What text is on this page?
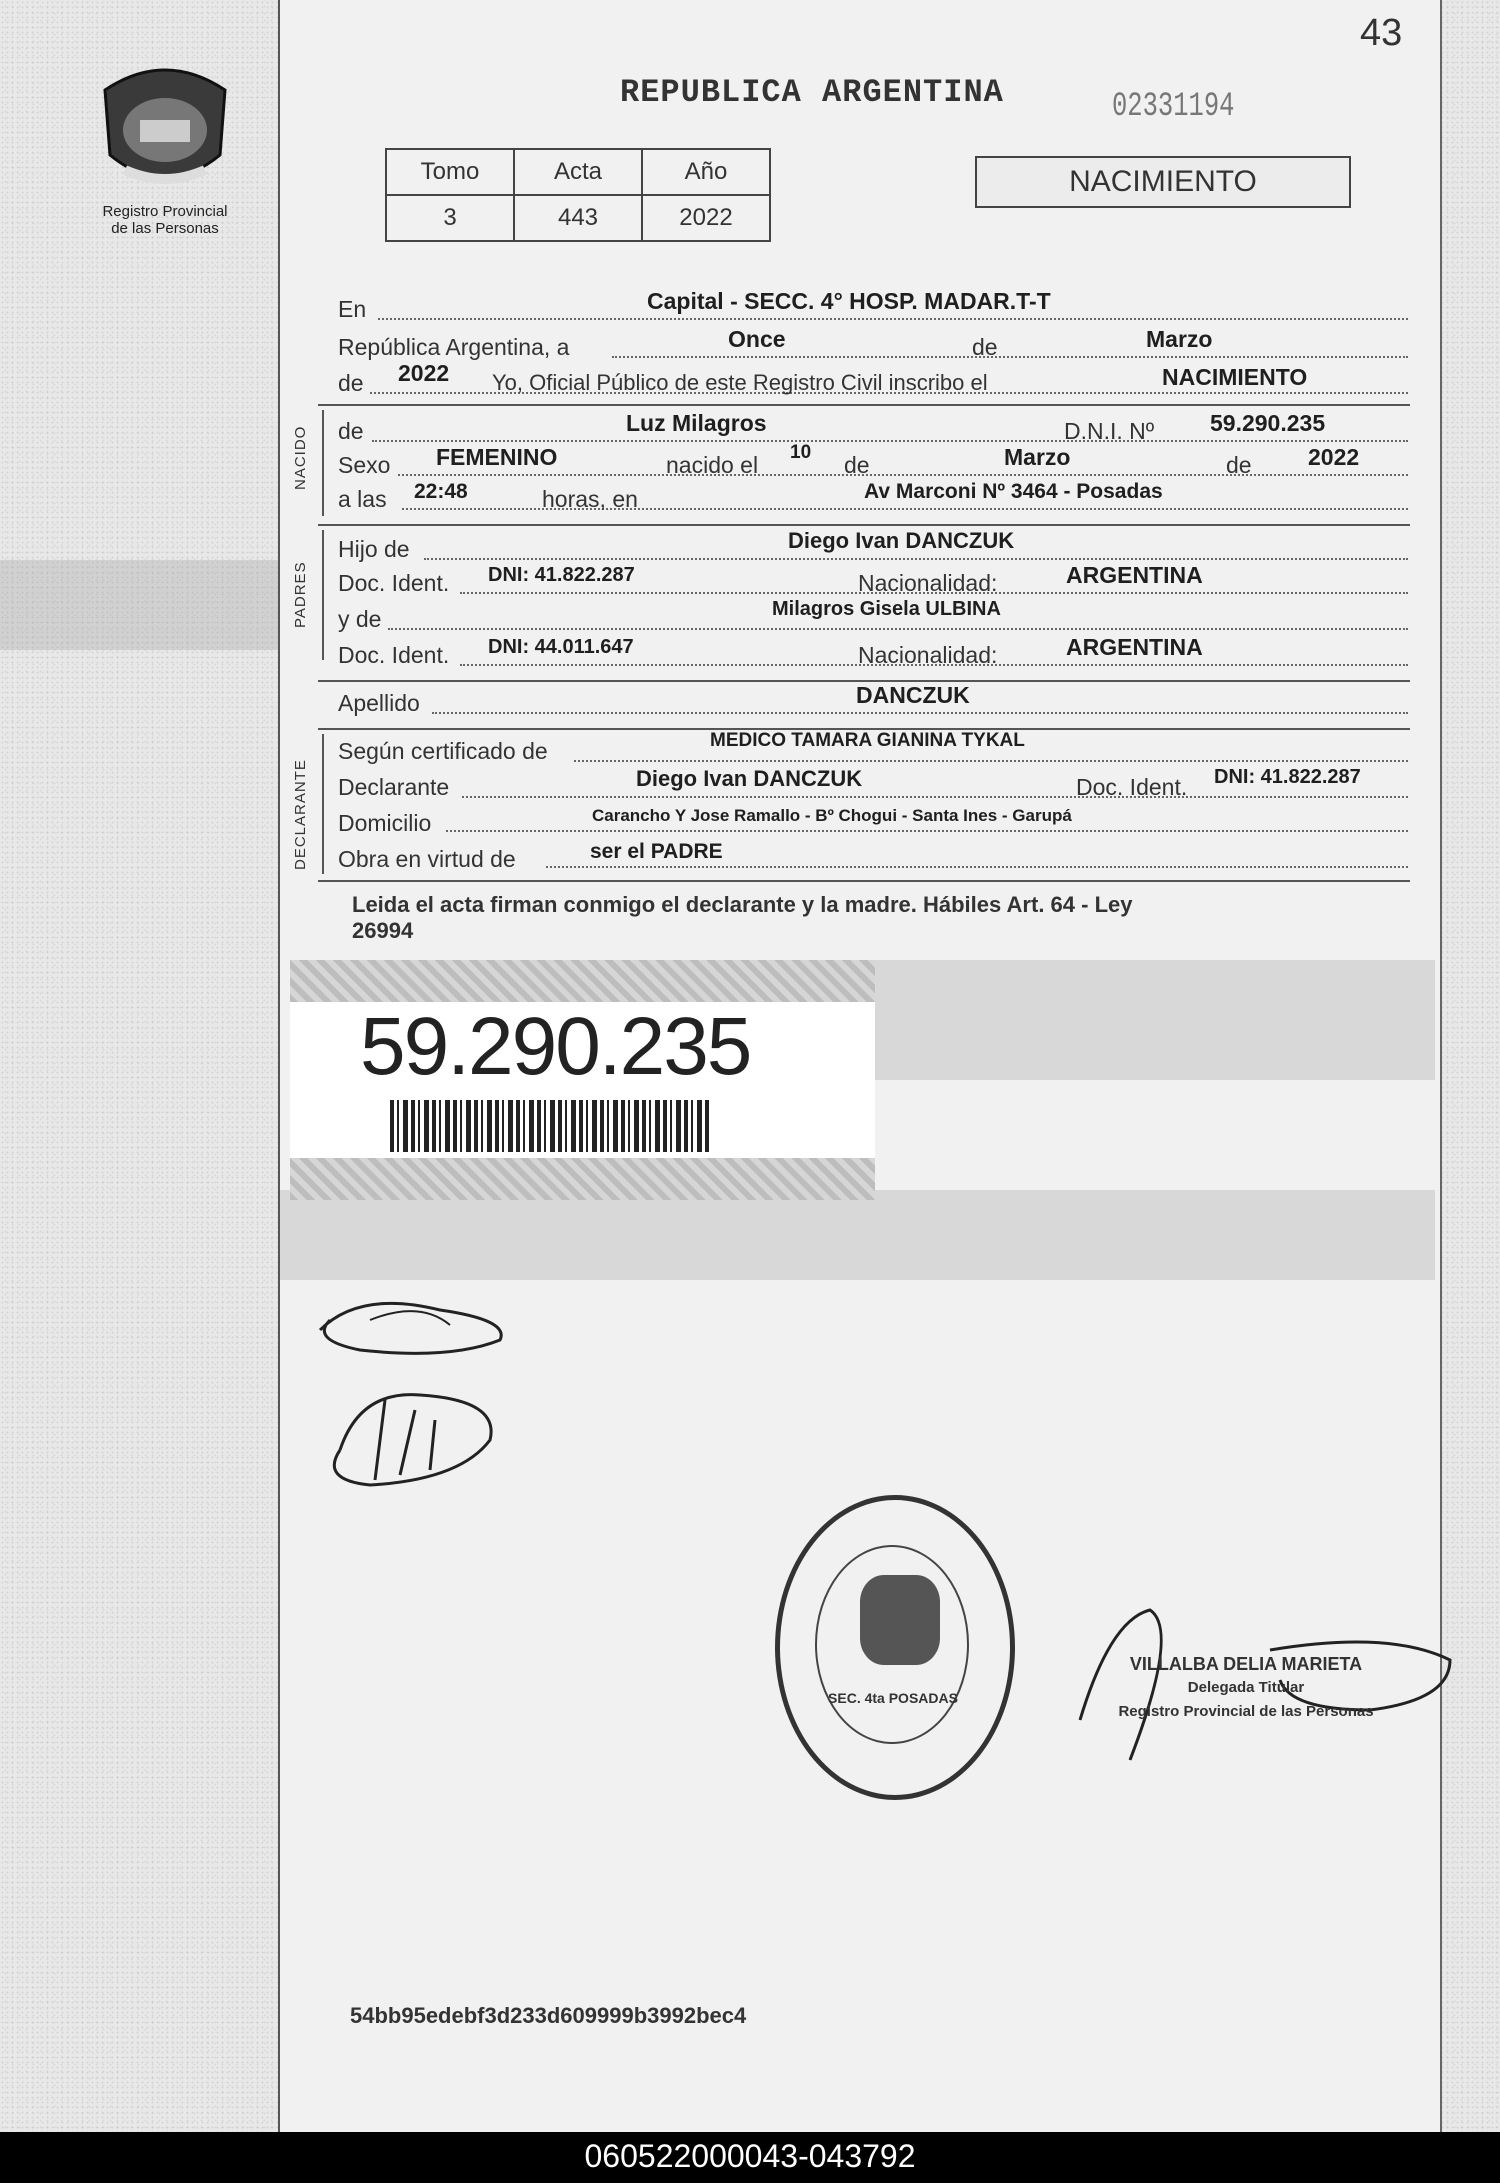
Registro Provincial
de las Personas
43
REPUBLICA ARGENTINA	02331194
Tomo	Acta	Año
3	443	2022
NACIMIENTO
En	Capital - SECC. 4° HOSP. MADAR.T-T
República Argentina, a	Once	de	Marzo
de 2022 Yo, Oficial Público de este Registro Civil inscribo el	NACIMIENTO
NACIDO de	Luz Milagros	D.N.I. Nº 59.290.235
Sexo FEMENINO	nacido el 10 de	Marzo	de 2022
a las 22:48	horas, en	Av Marconi Nº 3464 - Posadas
PADRES
Hijo de	Diego Ivan DANCZUK
Doc. Ident. DNI: 41.822.287	Nacionalidad:	ARGENTINA
y de	Milagros Gisela ULBINA
Doc. Ident. DNI: 44.011.647	Nacionalidad:	ARGENTINA
Apellido	DANCZUK
DECLARANTE
Según certificado de	MEDICO TAMARA GIANINA TYKAL
Declarante	Diego Ivan DANCZUK	Doc. Ident. DNI: 41.822.287
Domicilio	Carancho Y Jose Ramallo - Bº Chogui - Santa Ines - Garupá
Obra en virtud de	ser el PADRE
Leida el acta firman conmigo el declarante y la madre. Hábiles Art. 64 - Ley
26994
59.290.235
SEC. 4ta POSADAS
VILLALBA DELIA MARIETA
Delegada Titular
Registro Provincial de las Personas
54bb95edebf3d233d609999b3992bec4
060522000043-043792
